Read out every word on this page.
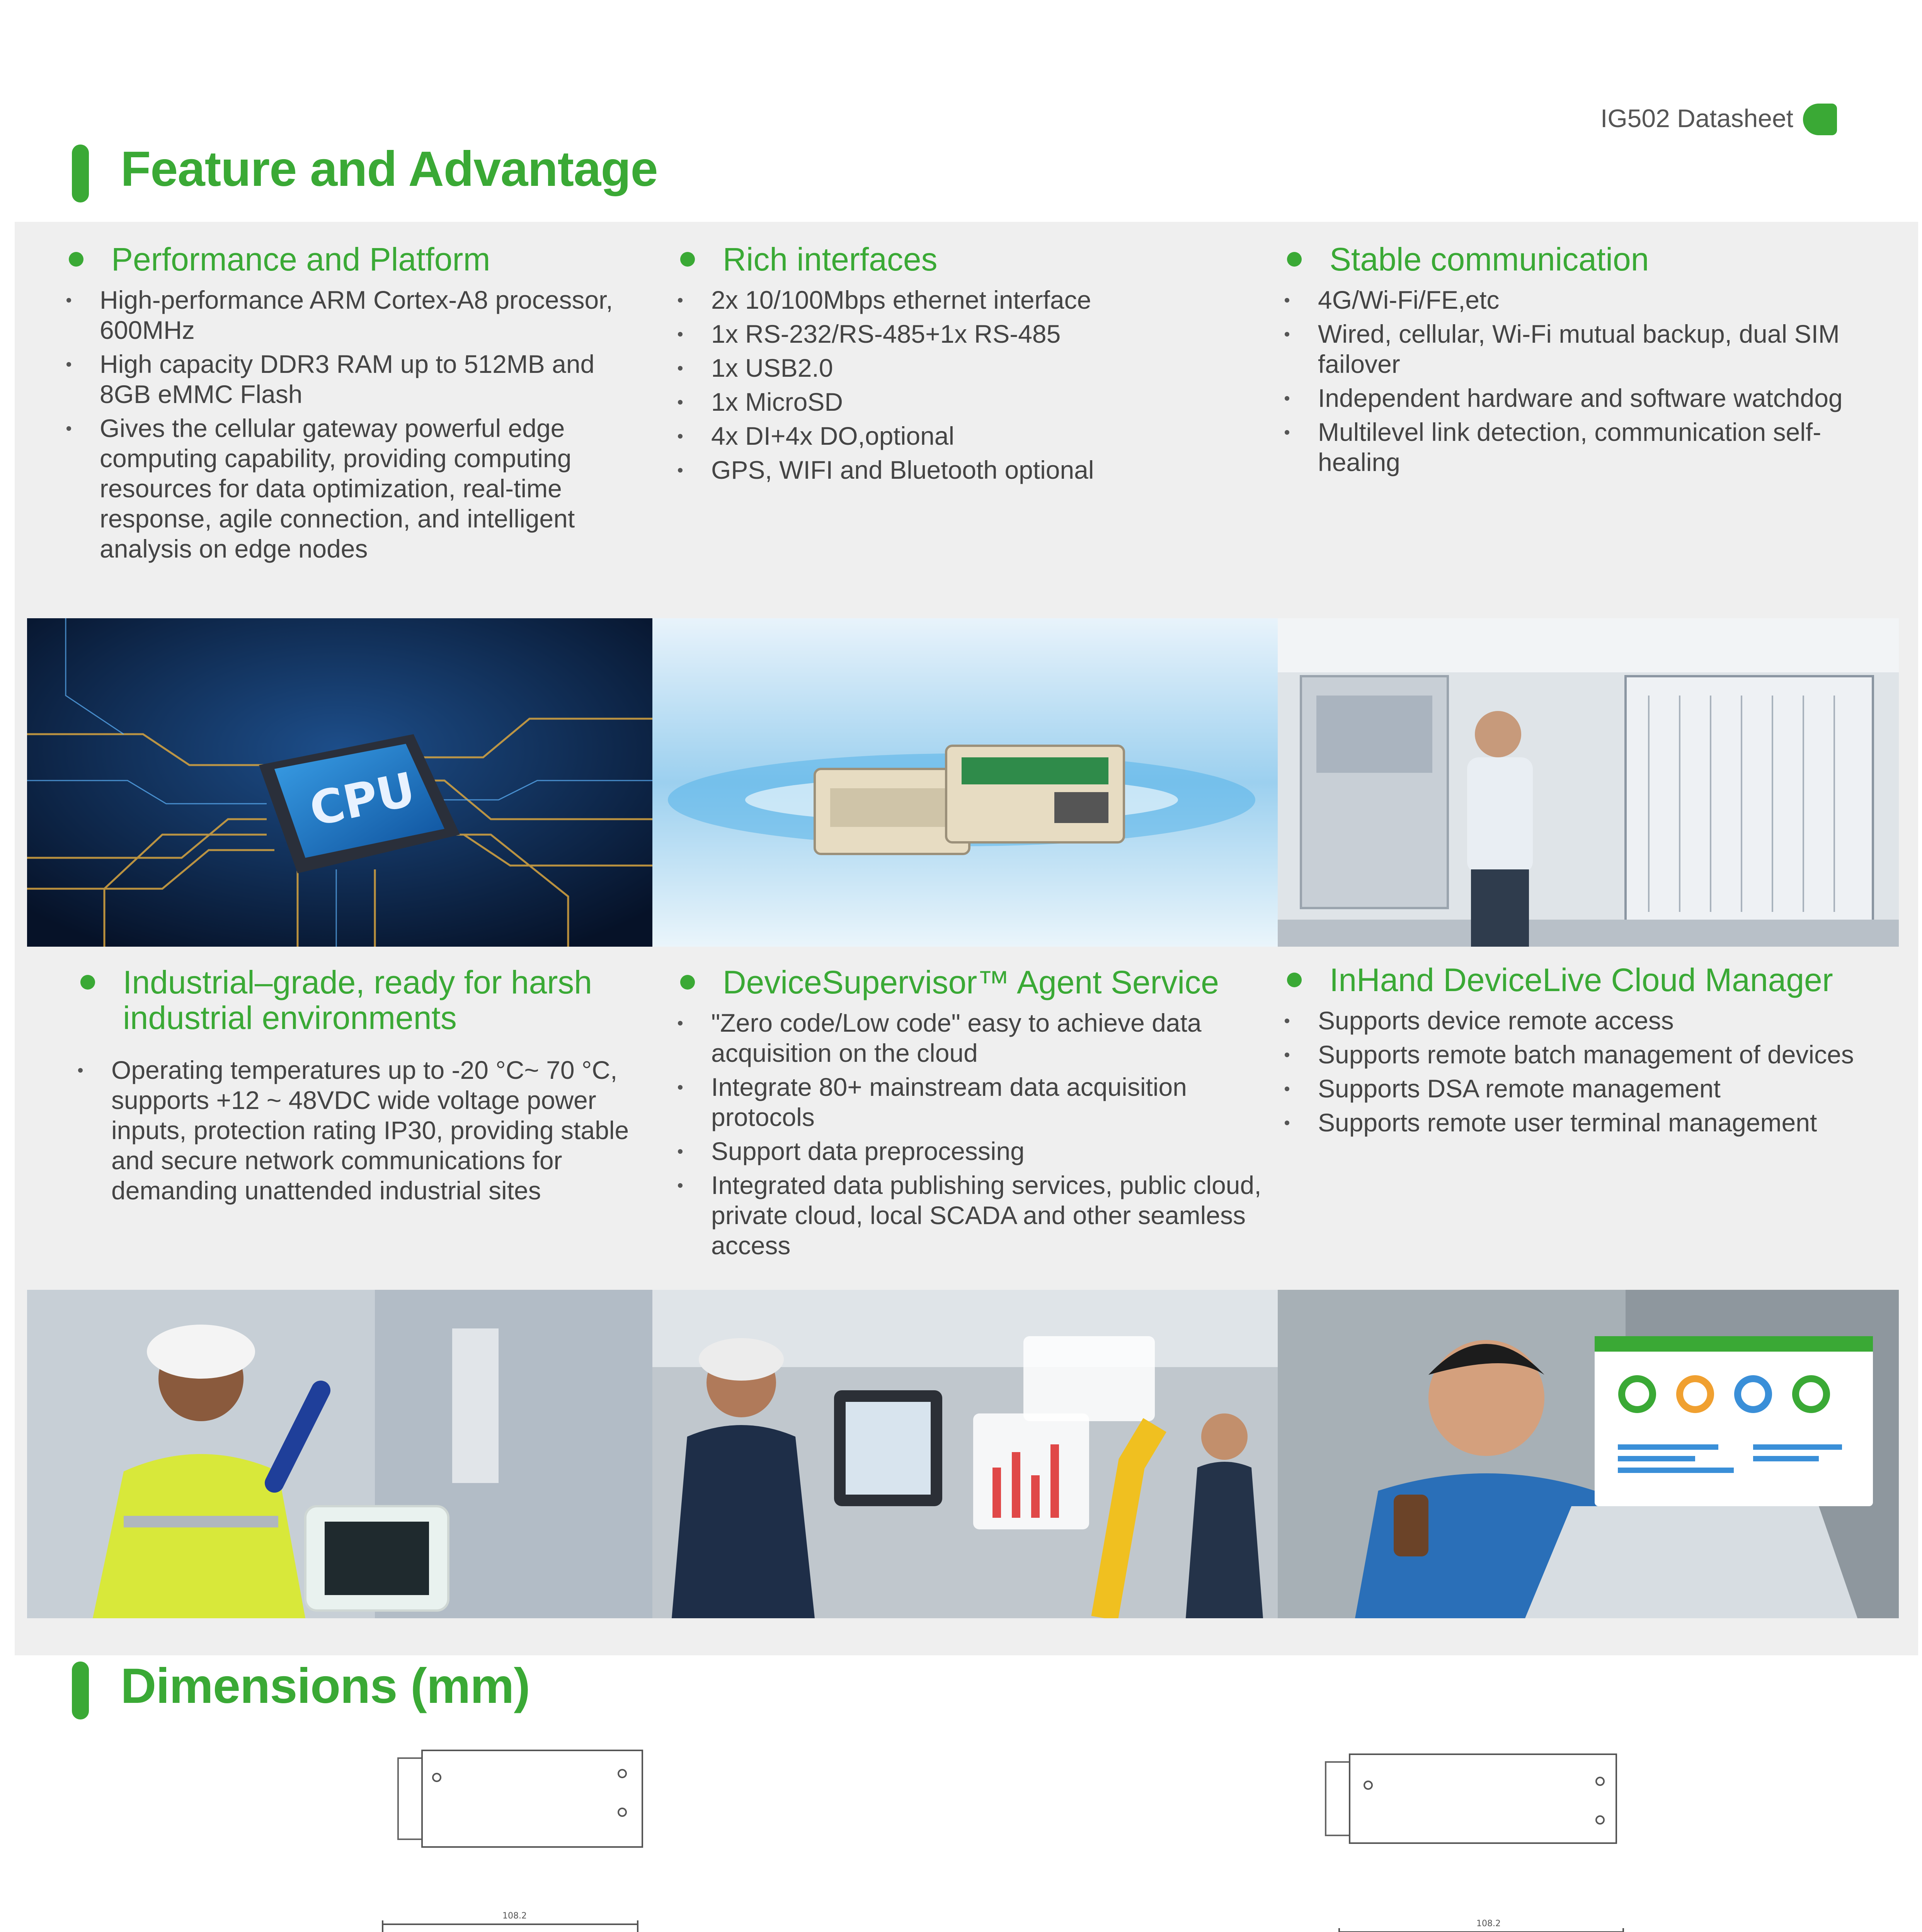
IG502 Datasheet
Feature and Advantage
Performance and Platform
High-performance ARM Cortex-A8 processor, 600MHz
High capacity DDR3 RAM up to 512MB and 8GB eMMC Flash
Gives the cellular gateway powerful edge computing capability, providing computing resources for data optimization, real-time response, agile connection, and intelligent analysis on edge nodes
Rich interfaces
2x 10/100Mbps ethernet interface
1x RS-232/RS-485+1x RS-485
1x USB2.0
1x MicroSD
4x DI+4x DO,optional
GPS, WIFI and Bluetooth optional
Stable communication
4G/Wi-Fi/FE,etc
Wired, cellular, Wi-Fi mutual backup, dual SIM failover
Independent hardware and software watchdog
Multilevel link detection, communication self-healing
CPU
Industrial–grade, ready for harsh industrial environments
Operating temperatures up to -20 °C~ 70 °C, supports +12 ~ 48VDC wide voltage power inputs, protection rating IP30, providing stable and secure network communications for demanding unattended industrial sites
DeviceSupervisor™ Agent Service
"Zero code/Low code" easy to achieve data acquisition on the cloud
Integrate 80+ mainstream data acquisition protocols
Support data preprocessing
Integrated data publishing services, public cloud, private cloud, local SCADA and other seamless access
InHand DeviceLive Cloud Manager
Supports device remote access
Supports remote batch management of devices
Supports DSA remote management
Supports remote user terminal management
Dimensions (mm)
108.2
108.2
